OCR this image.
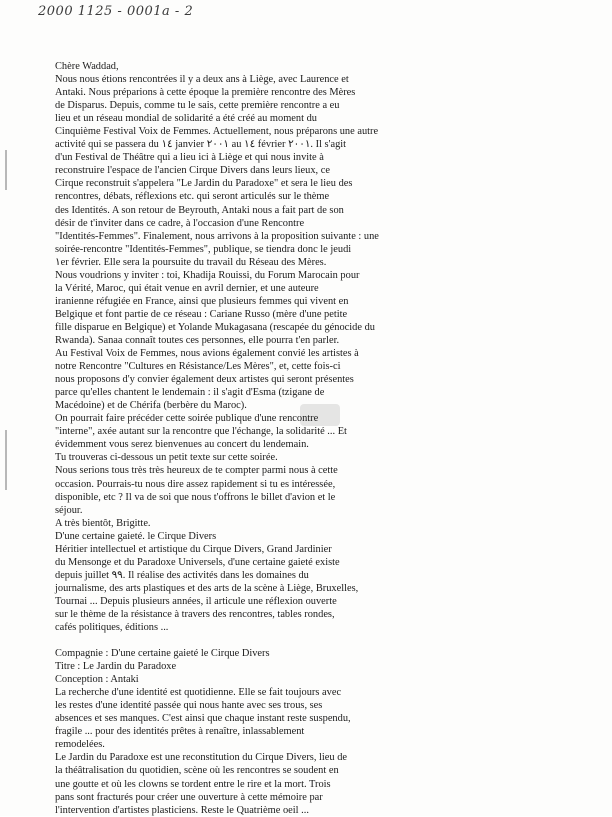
2000 1125 - 0001a - 2
Chère Waddad,
Nous nous étions rencontrées il y a deux ans à Liège, avec Laurence et
Antaki. Nous préparions à cette époque la première rencontre des Mères
de Disparus. Depuis, comme tu le sais, cette première rencontre a eu
lieu et un réseau mondial de solidarité a été créé au moment du
Cinquième Festival Voix de Femmes. Actuellement, nous préparons une autre
activité qui se passera du ١٤ janvier ٢٠٠١ au ١٤ février ٢٠٠١. Il s'agit
d'un Festival de Théâtre qui a lieu ici à Liège et qui nous invite à
reconstruire l'espace de l'ancien Cirque Divers dans leurs lieux, ce
Cirque reconstruit s'appelera "Le Jardin du Paradoxe" et sera le lieu des
rencontres, débats, réflexions etc. qui seront articulés sur le thème
des Identités. A son retour de Beyrouth, Antaki nous a fait part de son
désir de t'inviter dans ce cadre, à l'occasion d'une Rencontre
"Identités-Femmes". Finalement, nous arrivons à la proposition suivante : une
soirée-rencontre "Identités-Femmes", publique, se tiendra donc le jeudi
١er février. Elle sera la poursuite du travail du Réseau des Mères.
Nous voudrions y inviter : toi, Khadija Rouissi, du Forum Marocain pour
la Vérité, Maroc, qui était venue en avril dernier, et une auteure
iranienne réfugiée en France, ainsi que plusieurs femmes qui vivent en
Belgique et font partie de ce réseau : Cariane Russo (mère d'une petite
fille disparue en Belgique) et Yolande Mukagasana (rescapée du génocide du
Rwanda). Sanaa connaît toutes ces personnes, elle pourra t'en parler.
Au Festival Voix de Femmes, nous avions également convié les artistes à
notre Rencontre "Cultures en Résistance/Les Mères", et, cette fois-ci
nous proposons d'y convier également deux artistes qui seront présentes
parce qu'elles chantent le lendemain : il s'agit d'Esma (tzigane de
Macédoine) et de Chérifa (berbère du Maroc).
On pourrait faire précéder cette soirée publique d'une rencontre
"interne", axée autant sur la rencontre que l'échange, la solidarité ... Et
évidemment vous serez bienvenues au concert du lendemain.
Tu trouveras ci-dessous un petit texte sur cette soirée.
Nous serions tous très très heureux de te compter parmi nous à cette
occasion. Pourrais-tu nous dire assez rapidement si tu es intéressée,
disponible, etc ? Il va de soi que nous t'offrons le billet d'avion et le
séjour.
A très bientôt, Brigitte.
D'une certaine gaieté. le Cirque Divers
Héritier intellectuel et artistique du Cirque Divers, Grand Jardinier
du Mensonge et du Paradoxe Universels, d'une certaine gaieté existe
depuis juillet ٩٩. Il réalise des activités dans les domaines du
journalisme, des arts plastiques et des arts de la scène à Liège, Bruxelles,
Tournai ... Depuis plusieurs années, il articule une réflexion ouverte
sur le thème de la résistance à travers des rencontres, tables rondes,
cafés politiques, éditions ...
Compagnie : D'une certaine gaieté le Cirque Divers
Titre : Le Jardin du Paradoxe
Conception : Antaki
La recherche d'une identité est quotidienne. Elle se fait toujours avec
les restes d'une identité passée qui nous hante avec ses trous, ses
absences et ses manques. C'est ainsi que chaque instant reste suspendu,
fragile ... pour des identités prêtes à renaître, inlassablement
remodelées.
Le Jardin du Paradoxe est une reconstitution du Cirque Divers, lieu de
la théâtralisation du quotidien, scène où les rencontres se soudent en
une goutte et où les clowns se tordent entre le rire et la mort. Trois
pans sont fracturés pour créer une ouverture à cette mémoire par
l'intervention d'artistes plasticiens. Reste le Quatrième oeil ...
